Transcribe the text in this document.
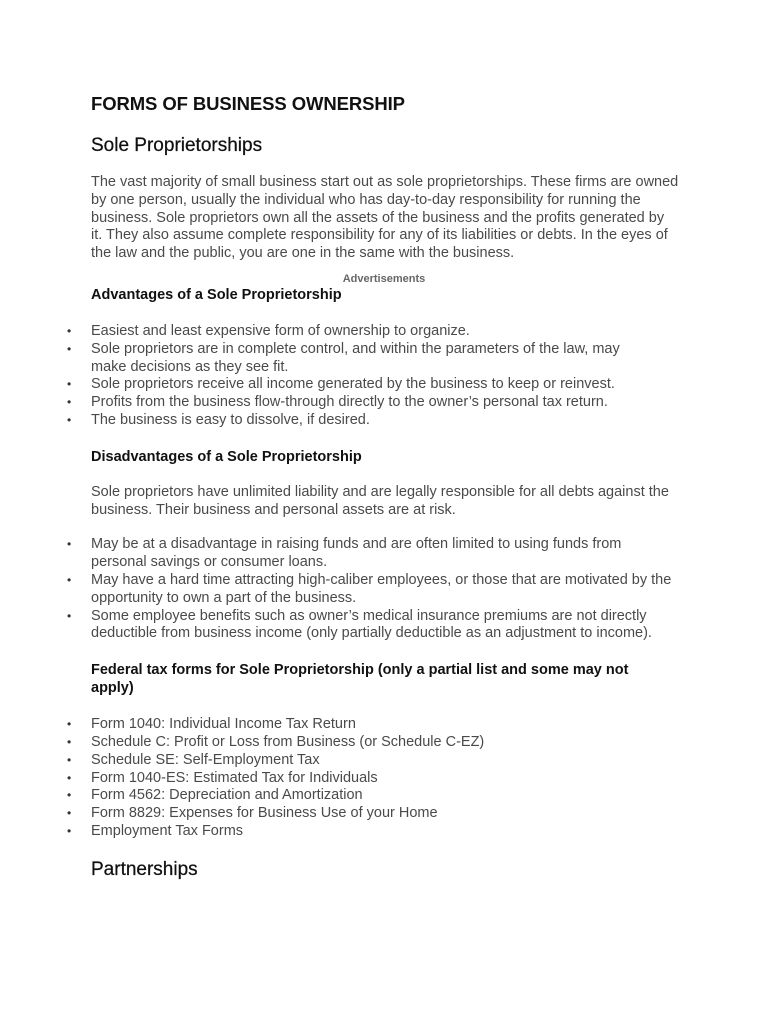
FORMS OF BUSINESS OWNERSHIP
Sole Proprietorships

The vast majority of small business start out as sole proprietorships. These firms are owned by one person, usually the individual who has day-to-day responsibility for running the business. Sole proprietors own all the assets of the business and the profits generated by it. They also assume complete responsibility for any of its liabilities or debts. In the eyes of the law and the public, you are one in the same with the business.

Advertisements

Advantages of a Sole Proprietorship
•	Easiest and least expensive form of ownership to organize.
•	Sole proprietors are in complete control, and within the parameters of the law, may make decisions as they see fit.
•	Sole proprietors receive all income generated by the business to keep or reinvest.
•	Profits from the business flow-through directly to the owner’s personal tax return.
•	The business is easy to dissolve, if desired.
Disadvantages of a Sole Proprietorship

Sole proprietors have unlimited liability and are legally responsible for all debts against the business. Their business and personal assets are at risk.

•	May be at a disadvantage in raising funds and are often limited to using funds from personal savings or consumer loans.
•	May have a hard time attracting high-caliber employees, or those that are motivated by the opportunity to own a part of the business.
•	Some employee benefits such as owner’s medical insurance premiums are not directly deductible from business income (only partially deductible as an adjustment to income).
Federal tax forms for Sole Proprietorship (only a partial list and some may not apply)
•	Form 1040: Individual Income Tax Return
•	Schedule C: Profit or Loss from Business (or Schedule C-EZ)
•	Schedule SE: Self-Employment Tax
•	Form 1040-ES: Estimated Tax for Individuals
•	Form 4562: Depreciation and Amortization
•	Form 8829: Expenses for Business Use of your Home
•	Employment Tax Forms
Partnerships
